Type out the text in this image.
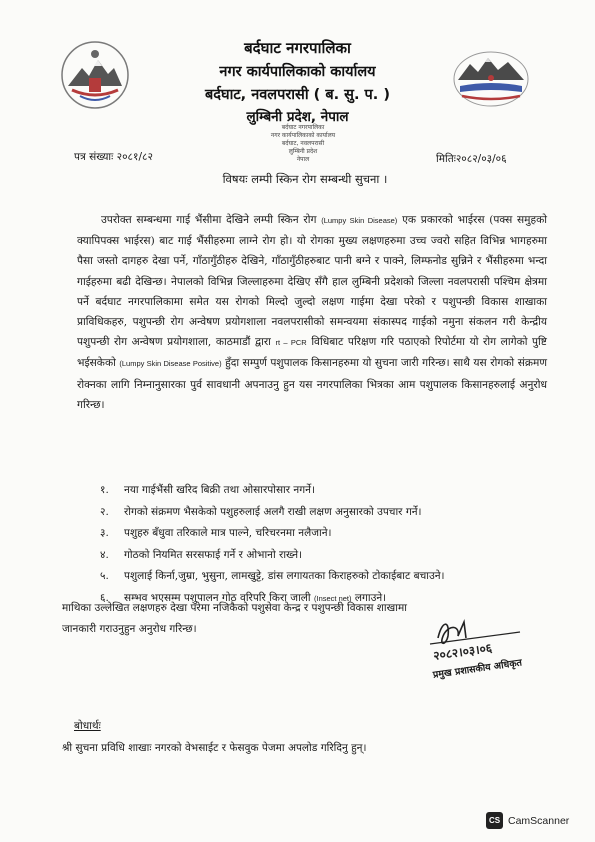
बर्दघाट नगरपालिका
नगर कार्यपालिकाको कार्यालय
बर्दघाट, नवलपरासी ( ब. सु. प. )
लुम्बिनी प्रदेश, नेपाल
बर्दघाट नगरपालिका
नगर कार्यपालिकाको कार्यालय
बर्दघाट, नवलपरासी
लुम्बिनी प्रदेश
नेपाल
पत्र संख्याः २०८१/८२	मितिः२०८२/०३/०६
विषयः लम्पी स्किन रोग सम्बन्धी सुचना ।

उपरोक्त सम्बन्धमा गाई भैंसीमा देखिने लम्पी स्किन रोग (Lumpy Skin Disease) एक प्रकारको भाईरस (पक्स समुहको क्यापिपक्स भाईरस) बाट गाई भैंसीहरुमा लाग्ने रोग हो। यो रोगका मुख्य लक्षणहरुमा उच्च ज्वरो सहित विभिन्न भागहरुमा पैसा जस्तो दागहरु देखा पर्ने, गाँठागुँठीहरु देखिने, गाँठागुँठीहरुबाट पानी बग्ने र पाक्ने, लिम्फनोड सुन्निने र भैंसीहरुमा भन्दा गाईहरुमा बढी देखिन्छ। नेपालको विभिन्न जिल्लाहरुमा देखिए सँगै हाल लुम्बिनी प्रदेशको जिल्ला नवलपरासी पश्चिम क्षेत्रमा पर्ने बर्दघाट नगरपालिकामा समेत यस रोगको मिल्दो जुल्दो लक्षण गाईमा देखा परेको र पशुपन्छी विकास शाखाका प्राविधिकहरु, पशुपन्छी रोग अन्वेषण प्रयोगशाला नवलपरासीको समन्वयमा संकास्पद गाईको नमुना संकलन गरी केन्द्रीय पशुपन्छी रोग अन्वेषण प्रयोगशाला, काठमाडौं द्वारा rt – PCR विधिबाट परिक्षण गरि पठाएको रिपोर्टमा यो रोग लागेको पुष्टि भईसकेको (Lumpy Skin Disease Positive) हुँदा सम्पुर्ण पशुपालक किसानहरुमा यो सुचना जारी गरिन्छ। साथै यस रोगको संक्रमण रोक्नका लागि निम्नानुसारका पुर्व सावधानी अपनाउनु हुन यस नगरपालिका भित्रका आम पशुपालक किसानहरुलाई अनुरोध गरिन्छ।

१. नया गाईभैंसी खरिद बिक्री तथा ओसारपोसार नगर्ने।
२. रोगको संक्रमण भैसकेको पशुहरुलाई अलगै राखी लक्षण अनुसारको उपचार गर्ने।
३. पशुहरु बँधुवा तरिकाले मात्र पाल्ने, चरिचरनमा नलैजाने।
४. गोठको नियमित सरसफाई गर्ने र ओभानो राख्ने।
५. पशुलाई किर्ना,जुम्रा, भुसुना, लामखुट्टे, डांस लगायतका किराहरुको टोकाईबाट बचाउने।
६. सम्भव भएसम्म पशुपालन गोठ वरिपरि किरा जाली (Insect net) लगाउने।
माथिका उल्लेखित लक्षणहरु देखा परेमा नजिकैको पशुसेवा केन्द्र र पशुपन्छी विकास शाखामा जानकारी गराउनुहुन अनुरोध गरिन्छ।
२०८२।०३।०६
प्रमुख प्रशासकीय अधिकृत
बोधार्थः
श्री सुचना प्रविधि शाखाः नगरको वेभसाईट र फेसवुक पेजमा अपलोड गरिदिनु हुन्।
CS CamScanner
